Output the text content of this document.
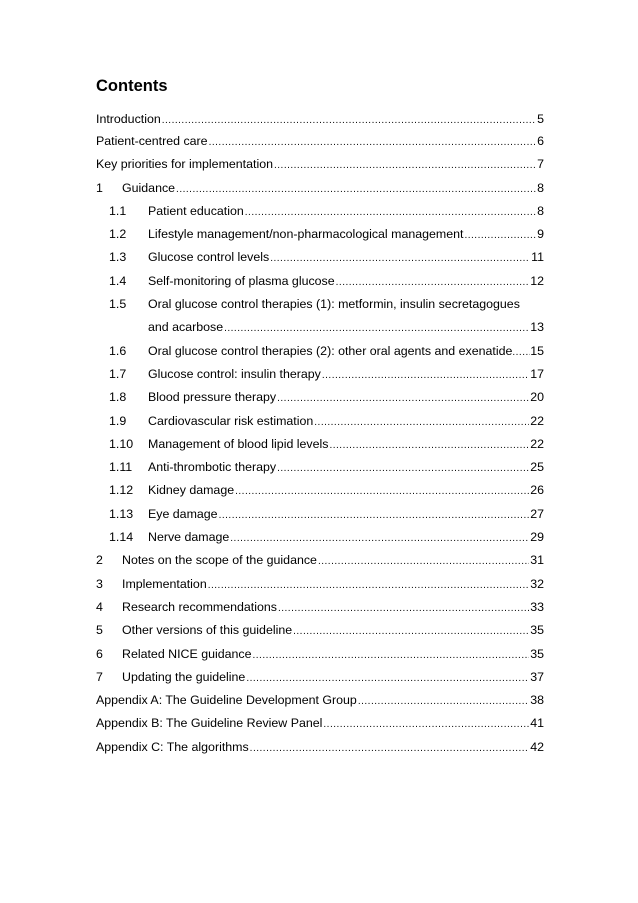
Contents
Introduction .....	5
Patient-centred care .....	6
Key priorities for implementation .....	7
1	Guidance .....	8
1.1	Patient education .....	8
1.2	Lifestyle management/non-pharmacological management .....	9
1.3	Glucose control levels .....	11
1.4	Self-monitoring of plasma glucose .....	12
1.5	Oral glucose control therapies (1): metformin, insulin secretagogues
and acarbose .....	13
1.6	Oral glucose control therapies (2): other oral agents and exenatide ..... 15
1.7	Glucose control: insulin therapy .....	17
1.8	Blood pressure therapy .....	20
1.9	Cardiovascular risk estimation .....	22
1.10	Management of blood lipid levels .....	22
1.11	Anti-thrombotic therapy .....	25
1.12	Kidney damage .....	26
1.13	Eye damage .....	27
1.14	Nerve damage .....	29
2	Notes on the scope of the guidance .....	31
3	Implementation .....	32
4	Research recommendations .....	33
5	Other versions of this guideline .....	35
6	Related NICE guidance .....	35
7	Updating the guideline .....	37
Appendix A: The Guideline Development Group .....	38
Appendix B: The Guideline Review Panel .....	41
Appendix C: The algorithms .....	42
